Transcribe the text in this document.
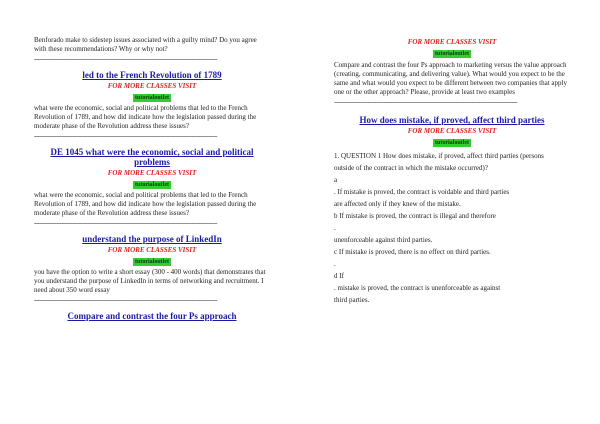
Benforado make to sidestep issues associated with a guilty mind? Do you agree with these recommendations? Why or why not?

----------------------------------------------------------------------------------------------------

led to the French Revolution of 1789
FOR MORE CLASSES VISIT
tutorialoutlet

what were the economic, social and political problems that led to the French Revolution of 1789, and how did indicate how the legislation passed during the moderate phase of the Revolution address these issues?

----------------------------------------------------------------------------------------------------

DE 1045 what were the economic, social and political problems
FOR MORE CLASSES VISIT
tutorialoutlet

what were the economic, social and political problems that led to the French Revolution of 1789, and how did indicate how the legislation passed during the moderate phase of the Revolution address these issues?

----------------------------------------------------------------------------------------------------

understand the purpose of LinkedIn
FOR MORE CLASSES VISIT
tutorialoutlet

you have the option to write a short essay (300 - 400 words) that demonstrates that you understand the purpose of LinkedIn in terms of networking and recruitment. I need about 350 word essay

----------------------------------------------------------------------------------------------------

Compare and contrast the four Ps approach
FOR MORE CLASSES VISIT
tutorialoutlet

Compare and contrast the four Ps approach to marketing versus the value approach (creating, communicating, and delivering value). What would you expect to be the same and what would you expect to be different between two companies that apply one or the other approach? Please, provide at least two examples

----------------------------------------------------------------------------------------------------

How does mistake, if proved, affect third parties
FOR MORE CLASSES VISIT
tutorialoutlet
1. QUESTION 1 How does mistake, if proved, affect third parties (persons
outside of the contract in which the mistake occurred)?
a
. If mistake is proved, the contract is voidable and third parties
are affected only if they knew of the mistake.
b If mistake is proved, the contract is illegal and therefore
.
unenforceable against third parties.
c If mistake is proved, there is no effect on third parties.
.
d If
. mistake is proved, the contract is unenforceable as against
third parties.
